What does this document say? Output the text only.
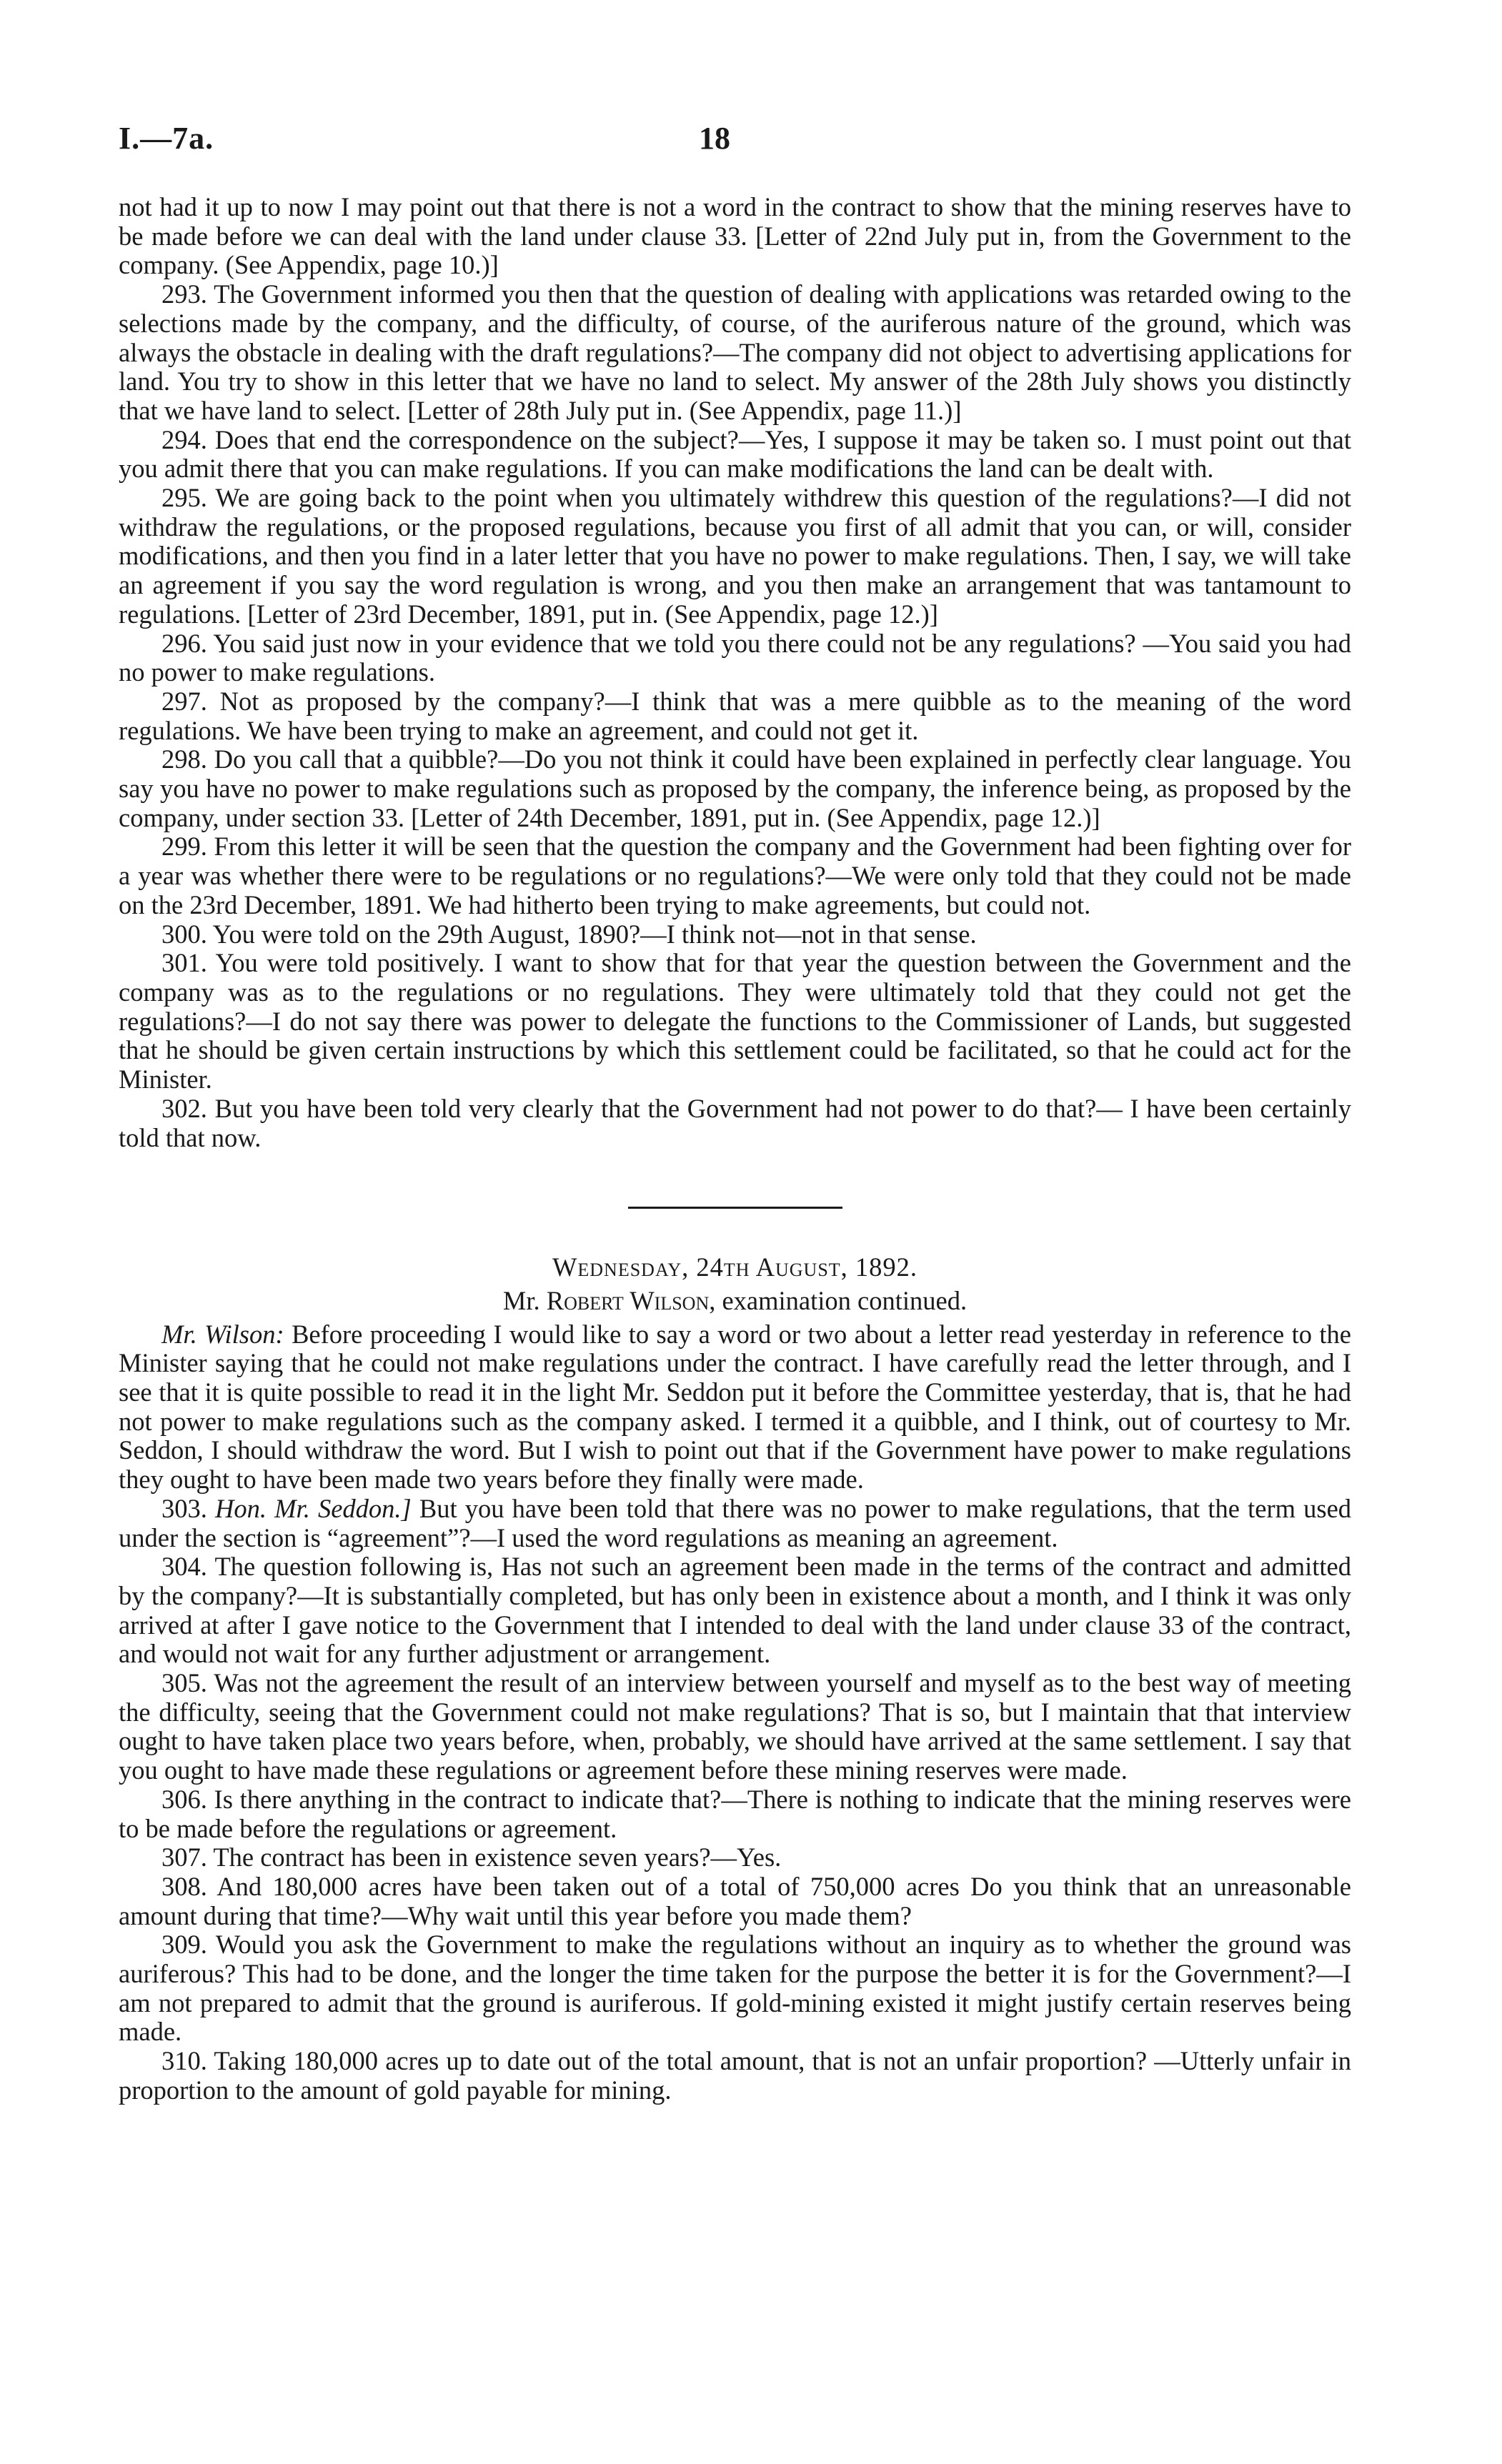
I.—7a.	18

not had it up to now I may point out that there is not a word in the contract to show that the mining reserves have to be made before we can deal with the land under clause 33. [Letter of 22nd July put in, from the Government to the company. (See Appendix, page 10.)]

293. The Government informed you then that the question of dealing with applications was retarded owing to the selections made by the company, and the difficulty, of course, of the auriferous nature of the ground, which was always the obstacle in dealing with the draft regulations?—The company did not object to advertising applications for land. You try to show in this letter that we have no land to select. My answer of the 28th July shows you distinctly that we have land to select. [Letter of 28th July put in. (See Appendix, page 11.)]

294. Does that end the correspondence on the subject?—Yes, I suppose it may be taken so. I must point out that you admit there that you can make regulations. If you can make modifications the land can be dealt with.

295. We are going back to the point when you ultimately withdrew this question of the regulations?—I did not withdraw the regulations, or the proposed regulations, because you first of all admit that you can, or will, consider modifications, and then you find in a later letter that you have no power to make regulations. Then, I say, we will take an agreement if you say the word regulation is wrong, and you then make an arrangement that was tantamount to regulations. [Letter of 23rd December, 1891, put in. (See Appendix, page 12.)]

296. You said just now in your evidence that we told you there could not be any regulations? —You said you had no power to make regulations.

297. Not as proposed by the company?—I think that was a mere quibble as to the meaning of the word regulations. We have been trying to make an agreement, and could not get it.

298. Do you call that a quibble?—Do you not think it could have been explained in perfectly clear language. You say you have no power to make regulations such as proposed by the company, the inference being, as proposed by the company, under section 33. [Letter of 24th December, 1891, put in. (See Appendix, page 12.)]

299. From this letter it will be seen that the question the company and the Government had been fighting over for a year was whether there were to be regulations or no regulations?—We were only told that they could not be made on the 23rd December, 1891. We had hitherto been trying to make agreements, but could not.

300. You were told on the 29th August, 1890?—I think not—not in that sense.

301. You were told positively. I want to show that for that year the question between the Government and the company was as to the regulations or no regulations. They were ultimately told that they could not get the regulations?—I do not say there was power to delegate the functions to the Commissioner of Lands, but suggested that he should be given certain instructions by which this settlement could be facilitated, so that he could act for the Minister.

302. But you have been told very clearly that the Government had not power to do that?— I have been certainly told that now.

Wednesday, 24th August, 1892.

Mr. Robert Wilson, examination continued.

Mr. Wilson: Before proceeding I would like to say a word or two about a letter read yesterday in reference to the Minister saying that he could not make regulations under the contract. I have carefully read the letter through, and I see that it is quite possible to read it in the light Mr. Seddon put it before the Committee yesterday, that is, that he had not power to make regulations such as the company asked. I termed it a quibble, and I think, out of courtesy to Mr. Seddon, I should withdraw the word. But I wish to point out that if the Government have power to make regulations they ought to have been made two years before they finally were made.

303. Hon. Mr. Seddon.] But you have been told that there was no power to make regulations, that the term used under the section is “agreement”?—I used the word regulations as meaning an agreement.

304. The question following is, Has not such an agreement been made in the terms of the contract and admitted by the company?—It is substantially completed, but has only been in existence about a month, and I think it was only arrived at after I gave notice to the Government that I intended to deal with the land under clause 33 of the contract, and would not wait for any further adjustment or arrangement.

305. Was not the agreement the result of an interview between yourself and myself as to the best way of meeting the difficulty, seeing that the Government could not make regulations? That is so, but I maintain that that interview ought to have taken place two years before, when, probably, we should have arrived at the same settlement. I say that you ought to have made these regulations or agreement before these mining reserves were made.

306. Is there anything in the contract to indicate that?—There is nothing to indicate that the mining reserves were to be made before the regulations or agreement.

307. The contract has been in existence seven years?—Yes.

308. And 180,000 acres have been taken out of a total of 750,000 acres Do you think that an unreasonable amount during that time?—Why wait until this year before you made them?

309. Would you ask the Government to make the regulations without an inquiry as to whether the ground was auriferous? This had to be done, and the longer the time taken for the purpose the better it is for the Government?—I am not prepared to admit that the ground is auriferous. If gold-mining existed it might justify certain reserves being made.

310. Taking 180,000 acres up to date out of the total amount, that is not an unfair proportion? —Utterly unfair in proportion to the amount of gold payable for mining.
